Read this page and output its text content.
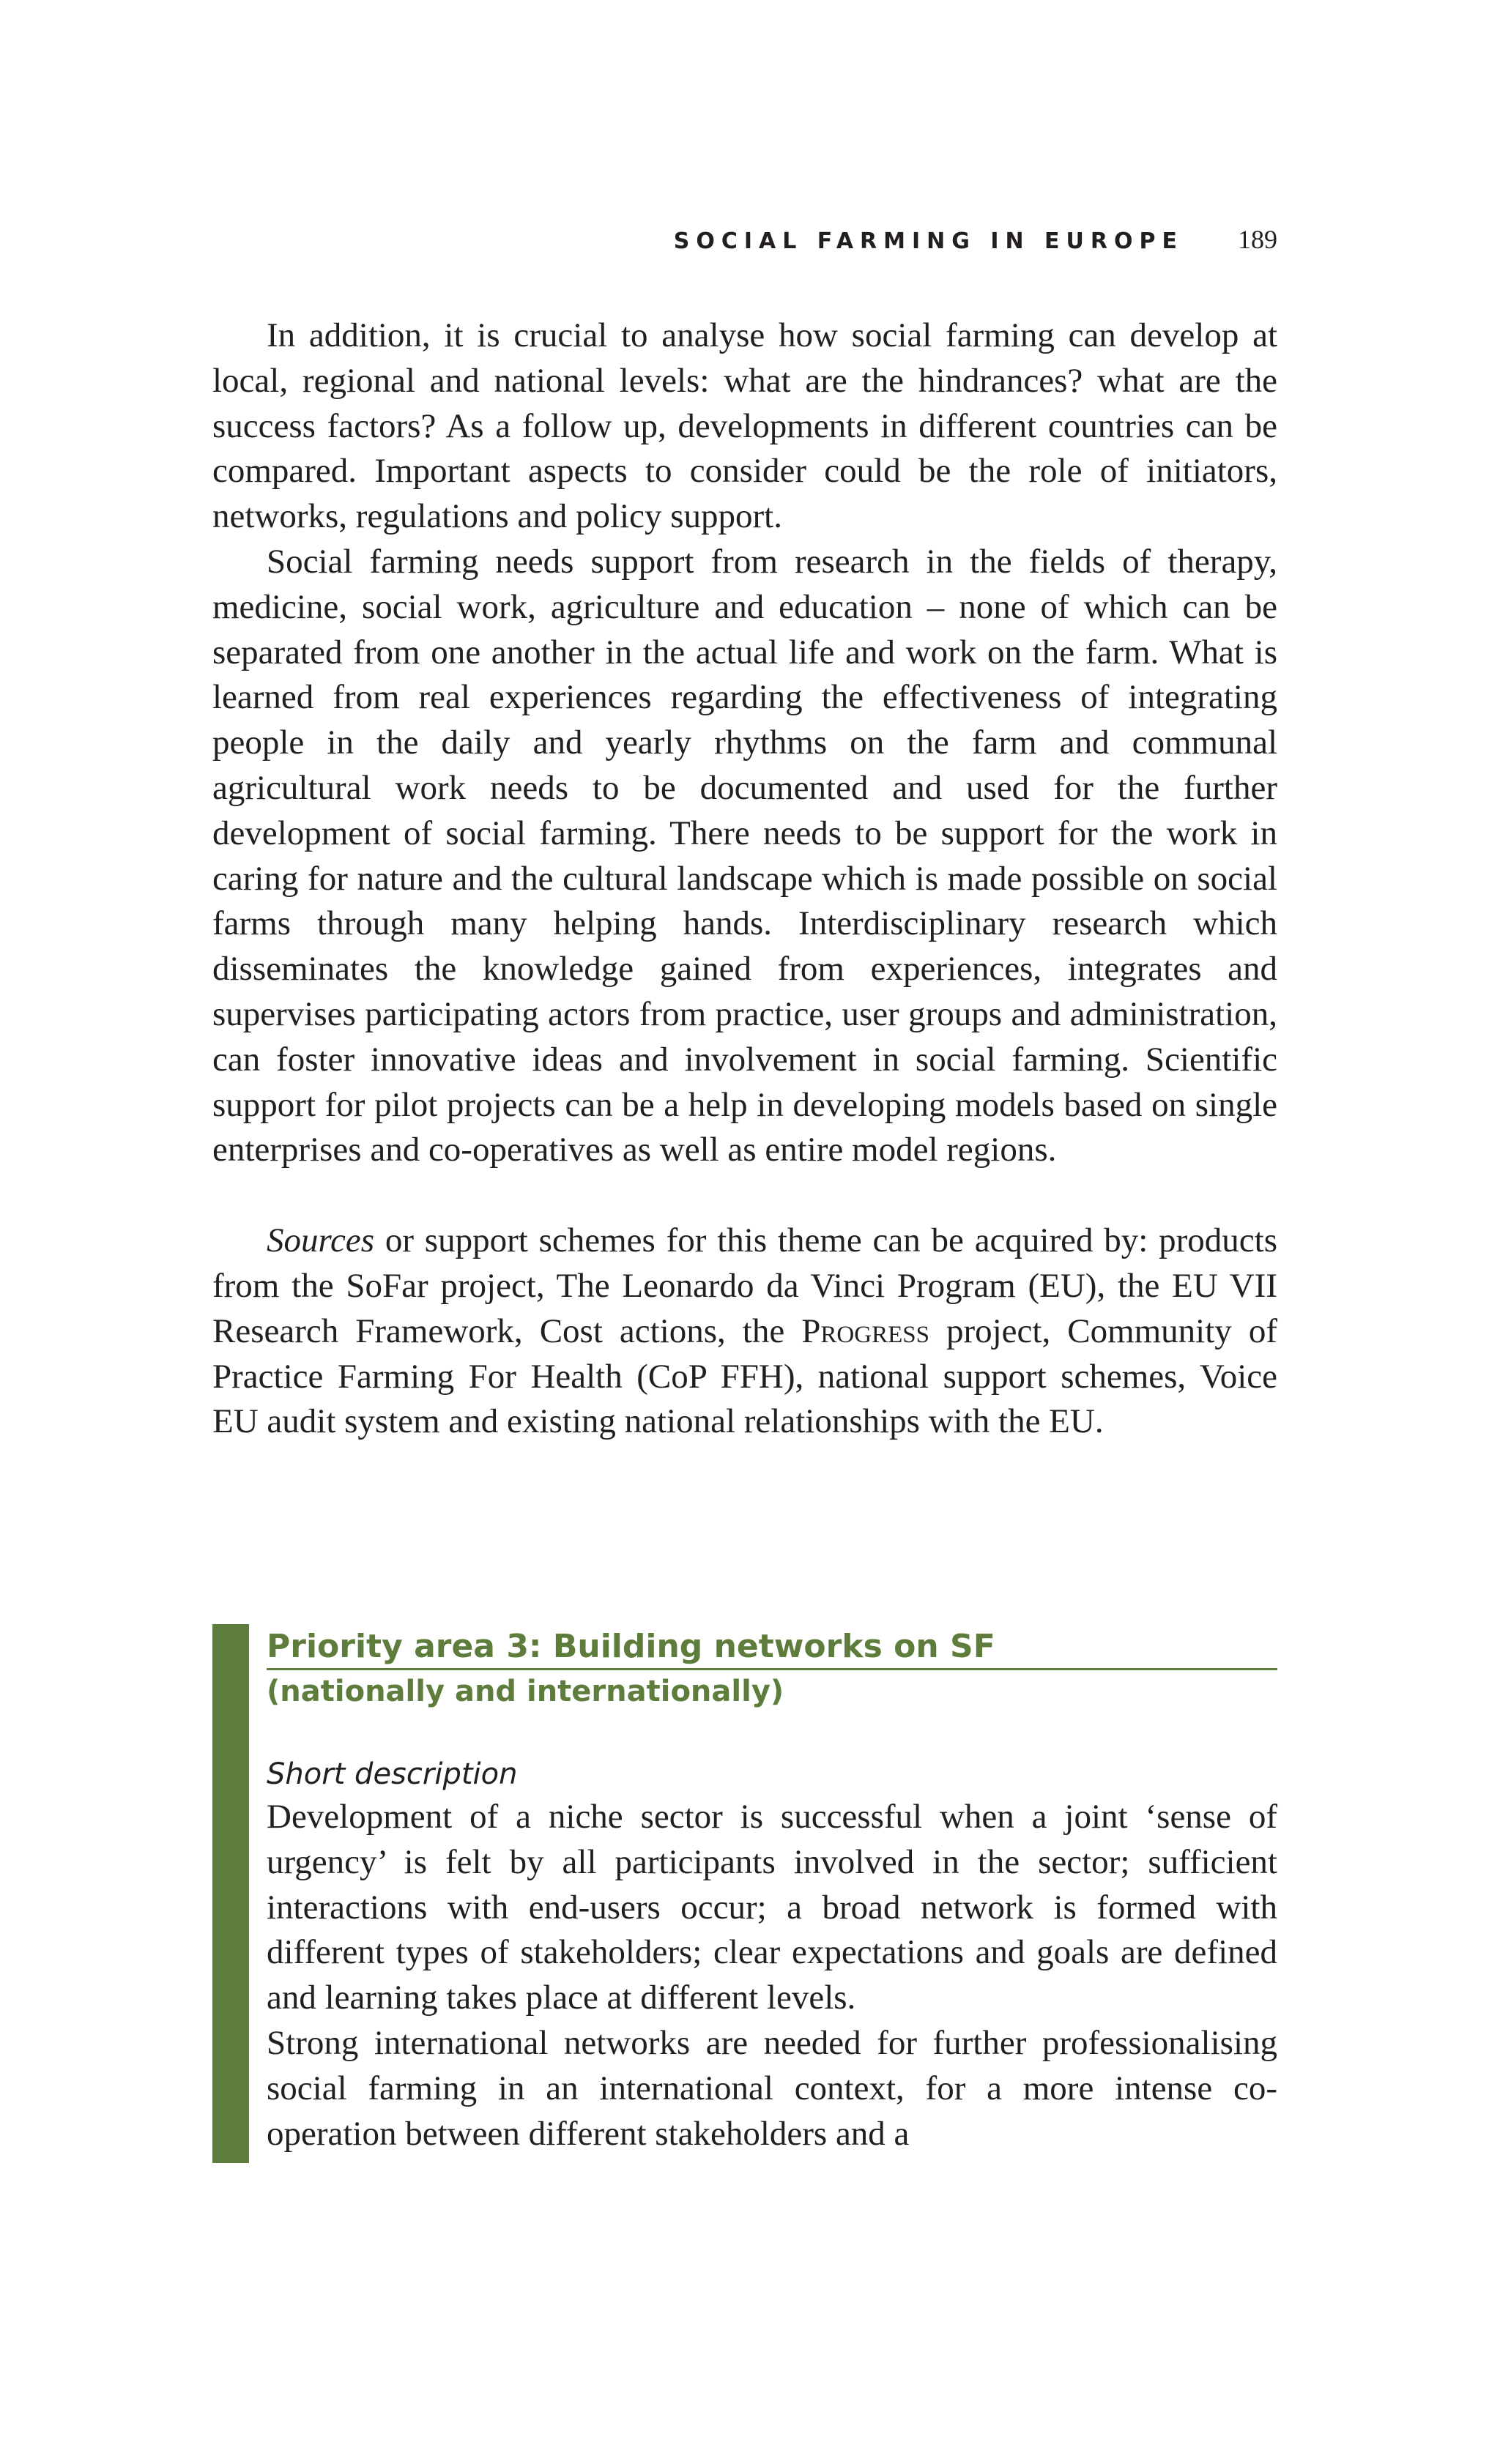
SOCIAL FARMING IN EUROPE 189

In addition, it is crucial to analyse how social farming can develop at local, regional and national levels: what are the hindrances? what are the success factors? As a follow up, developments in different countries can be compared. Important aspects to consider could be the role of initiators, networks, regulations and policy support.

Social farming needs support from research in the fields of therapy, medicine, social work, agriculture and education – none of which can be separated from one another in the actual life and work on the farm. What is learned from real experiences regarding the effectiveness of integrating people in the daily and yearly rhythms on the farm and communal agricultural work needs to be documented and used for the further development of social farming. There needs to be support for the work in caring for nature and the cultural landscape which is made possible on social farms through many helping hands. Interdisciplinary research which disseminates the knowledge gained from experiences, integrates and supervises participating actors from practice, user groups and administration, can foster innovative ideas and involvement in social farming. Scientific support for pilot projects can be a help in developing models based on single enterprises and co-operatives as well as entire model regions.

Sources or support schemes for this theme can be acquired by: products from the SoFar project, The Leonardo da Vinci Program (EU), the EU VII Research Framework, Cost actions, the Progress project, Community of Practice Farming For Health (CoP FFH), national support schemes, Voice EU audit system and existing national relationships with the EU.

Priority area 3: Building networks on SF
(nationally and internationally)
Short description

Development of a niche sector is successful when a joint ‘sense of urgency’ is felt by all participants involved in the sector; sufficient interactions with end-users occur; a broad network is formed with different types of stakeholders; clear expectations and goals are defined and learning takes place at different levels.

Strong international networks are needed for further professionalising social farming in an international context, for a more intense co-operation between different stakeholders and a
